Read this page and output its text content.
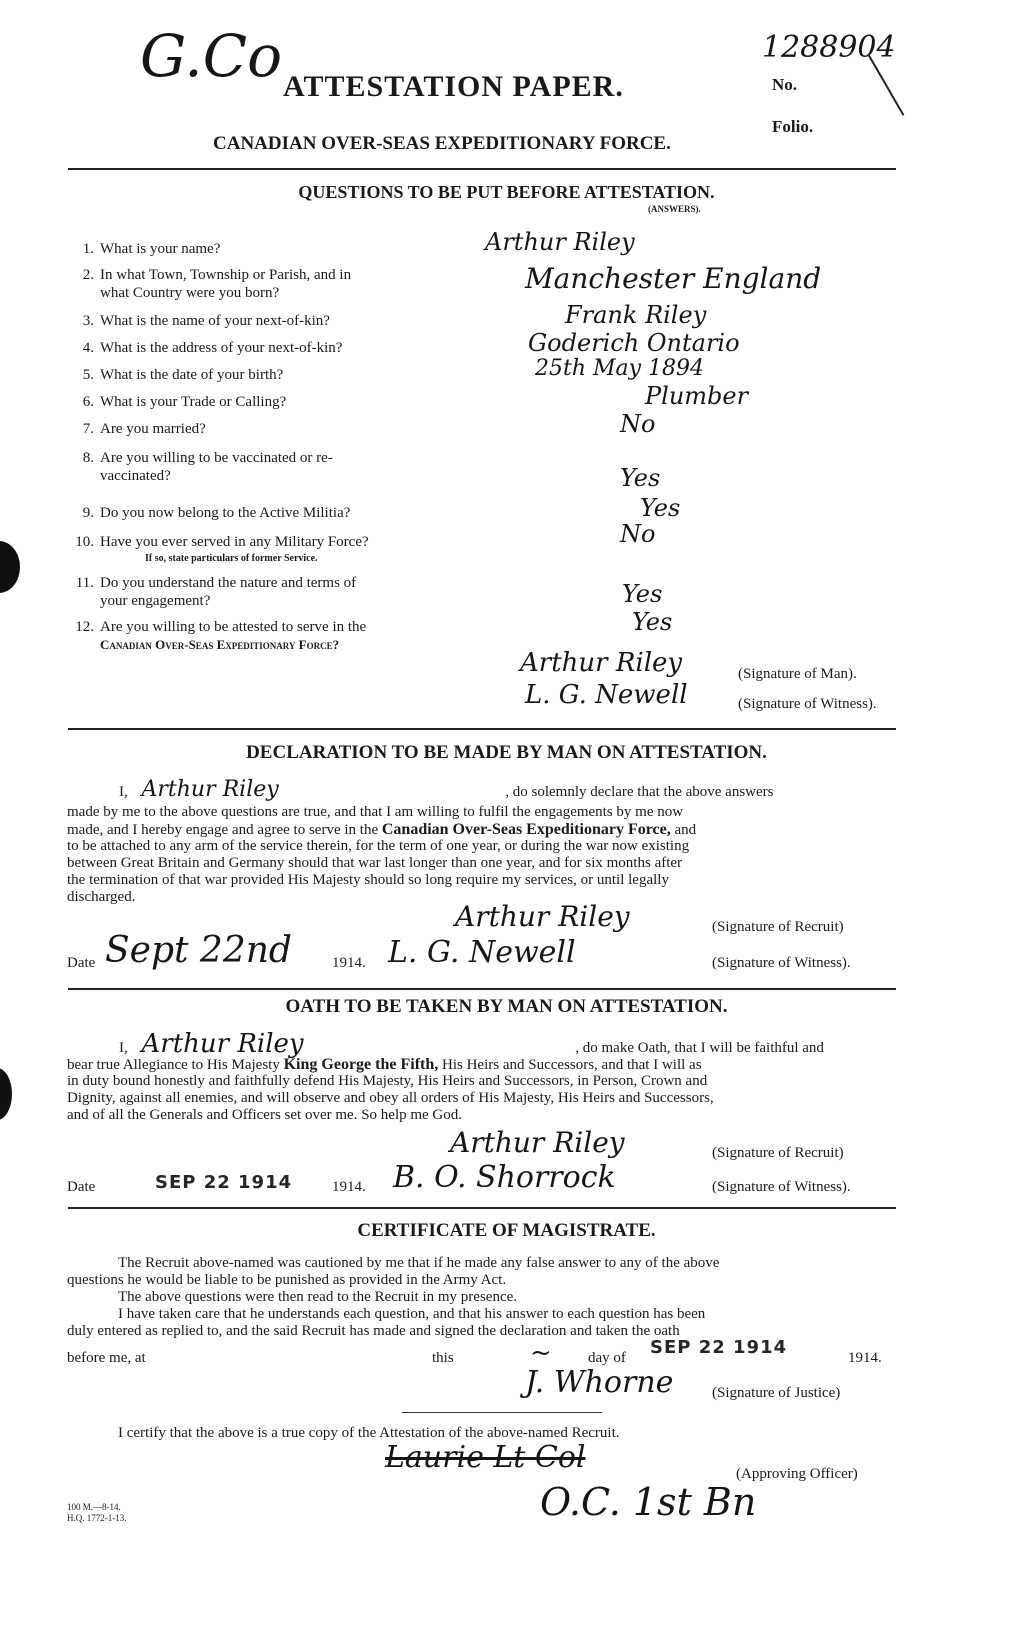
G.Co ATTESTATION PAPER.
1288904
No.
Folio.
CANADIAN OVER-SEAS EXPEDITIONARY FORCE.
QUESTIONS TO BE PUT BEFORE ATTESTATION.
(ANSWERS).
1. What is your name?	Arthur Riley
2. In what Town, Township or Parish, and in
what Country were you born?	Manchester England
3. What is the name of your next-of-kin?	Frank Riley
4. What is the address of your next-of-kin?	Goderich Ontario
5. What is the date of your birth?	25th May 1894
6. What is your Trade or Calling?	Plumber
7. Are you married?	No
8. Are you willing to be vaccinated or re-
vaccinated?	Yes
9. Do you now belong to the Active Militia?	Yes
10. Have you ever served in any Military Force?
If so, state particulars of former Service.
No
11. Do you understand the nature and terms of
your engagement?	Yes
12. Are you willing to be attested to serve in the
Canadian Over-Seas Expeditionary Force?
Yes
Arthur Riley	(Signature of Man).
L. G. Newell	(Signature of Witness).
DECLARATION TO BE MADE BY MAN ON ATTESTATION.
I, Arthur Riley	, do solemnly declare that the above answers
made by me to the above questions are true, and that I am willing to fulfil the engagements by me now
made, and I hereby engage and agree to serve in the Canadian Over-Seas Expeditionary Force, and
to be attached to any arm of the service therein, for the term of one year, or during the war now existing
between Great Britain and Germany should that war last longer than one year, and for six months after
the termination of that war provided His Majesty should so long require my services, or until legally
discharged.
Arthur Riley	(Signature of Recruit)
Date Sept 22nd	1914. L. G. Newell	(Signature of Witness).
OATH TO BE TAKEN BY MAN ON ATTESTATION.
I, Arthur Riley	, do make Oath, that I will be faithful and
bear true Allegiance to His Majesty King George the Fifth, His Heirs and Successors, and that I will as
in duty bound honestly and faithfully defend His Majesty, His Heirs and Successors, in Person, Crown and
Dignity, against all enemies, and will observe and obey all orders of His Majesty, His Heirs and Successors,
and of all the Generals and Officers set over me. So help me God.
Arthur Riley	(Signature of Recruit)
Date	SEP 22 1914	1914. B. O. Shorrock	(Signature of Witness).
CERTIFICATE OF MAGISTRATE.
The Recruit above-named was cautioned by me that if he made any false answer to any of the above
questions he would be liable to be punished as provided in the Army Act.
The above questions were then read to the Recruit in my presence.
I have taken care that he understands each question, and that his answer to each question has been
duly entered as replied to, and the said Recruit has made and signed the declaration and taken the oath
before me, at	this	~ day of SEP 22 1914	1914.
J. Whorne	(Signature of Justice)
I certify that the above is a true copy of the Attestation of the above-named Recruit.
Laurie Lt Col	(Approving Officer)
O.C. 1st Bn
100 M.—8-14.
H.Q. 1772-1-13.
